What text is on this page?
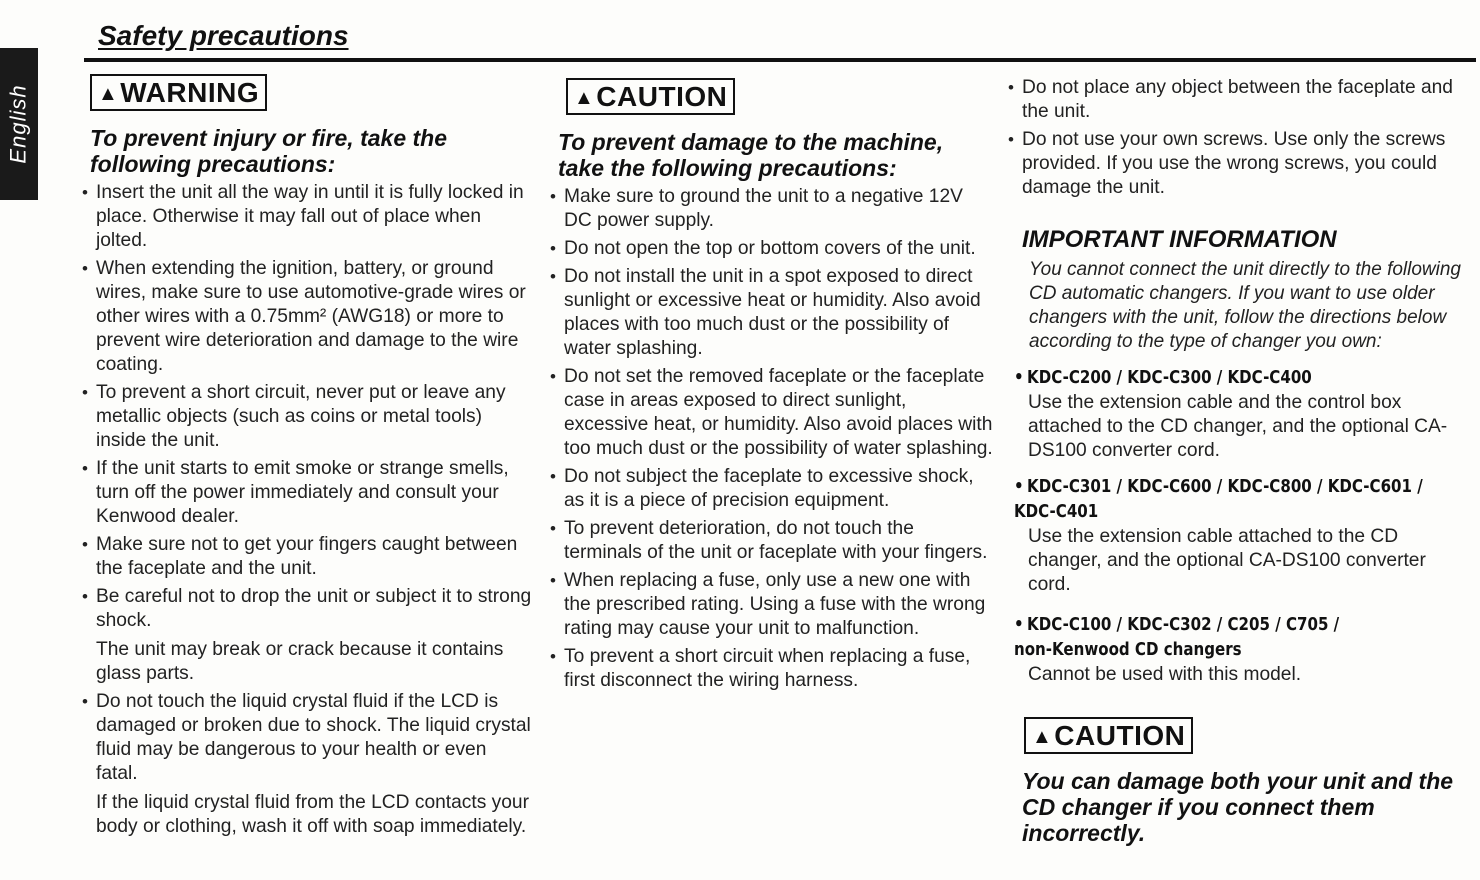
English
Safety precautions
▲WARNING
To prevent injury or fire, take the following precautions:
• Insert the unit all the way in until it is fully locked in place. Otherwise it may fall out of place when jolted.
• When extending the ignition, battery, or ground wires, make sure to use automotive-grade wires or other wires with a 0.75mm² (AWG18) or more to prevent wire deterioration and damage to the wire coating.
• To prevent a short circuit, never put or leave any metallic objects (such as coins or metal tools) inside the unit.
• If the unit starts to emit smoke or strange smells, turn off the power immediately and consult your Kenwood dealer.
• Make sure not to get your fingers caught between the faceplate and the unit.
• Be careful not to drop the unit or subject it to strong shock.
The unit may break or crack because it contains glass parts.
• Do not touch the liquid crystal fluid if the LCD is damaged or broken due to shock. The liquid crystal fluid may be dangerous to your health or even fatal.
If the liquid crystal fluid from the LCD contacts your body or clothing, wash it off with soap immediately.
▲CAUTION
To prevent damage to the machine, take the following precautions:
• Make sure to ground the unit to a negative 12V DC power supply.
• Do not open the top or bottom covers of the unit.
• Do not install the unit in a spot exposed to direct sunlight or excessive heat or humidity. Also avoid places with too much dust or the possibility of water splashing.
• Do not set the removed faceplate or the faceplate case in areas exposed to direct sunlight, excessive heat, or humidity. Also avoid places with too much dust or the possibility of water splashing.
• Do not subject the faceplate to excessive shock, as it is a piece of precision equipment.
• To prevent deterioration, do not touch the terminals of the unit or faceplate with your fingers.
• When replacing a fuse, only use a new one with the prescribed rating. Using a fuse with the wrong rating may cause your unit to malfunction.
• To prevent a short circuit when replacing a fuse, first disconnect the wiring harness.
• Do not place any object between the faceplate and the unit.
• Do not use your own screws. Use only the screws provided. If you use the wrong screws, you could damage the unit.
IMPORTANT INFORMATION
You cannot connect the unit directly to the following CD automatic changers. If you want to use older changers with the unit, follow the directions below according to the type of changer you own:
• KDC-C200 / KDC-C300 / KDC-C400
Use the extension cable and the control box attached to the CD changer, and the optional CA-DS100 converter cord.
• KDC-C301 / KDC-C600 / KDC-C800 / KDC-C601 / KDC-C401
Use the extension cable attached to the CD changer, and the optional CA-DS100 converter cord.
• KDC-C100 / KDC-C302 / C205 / C705 / non-Kenwood CD changers
Cannot be used with this model.
▲CAUTION
You can damage both your unit and the CD changer if you connect them incorrectly.
